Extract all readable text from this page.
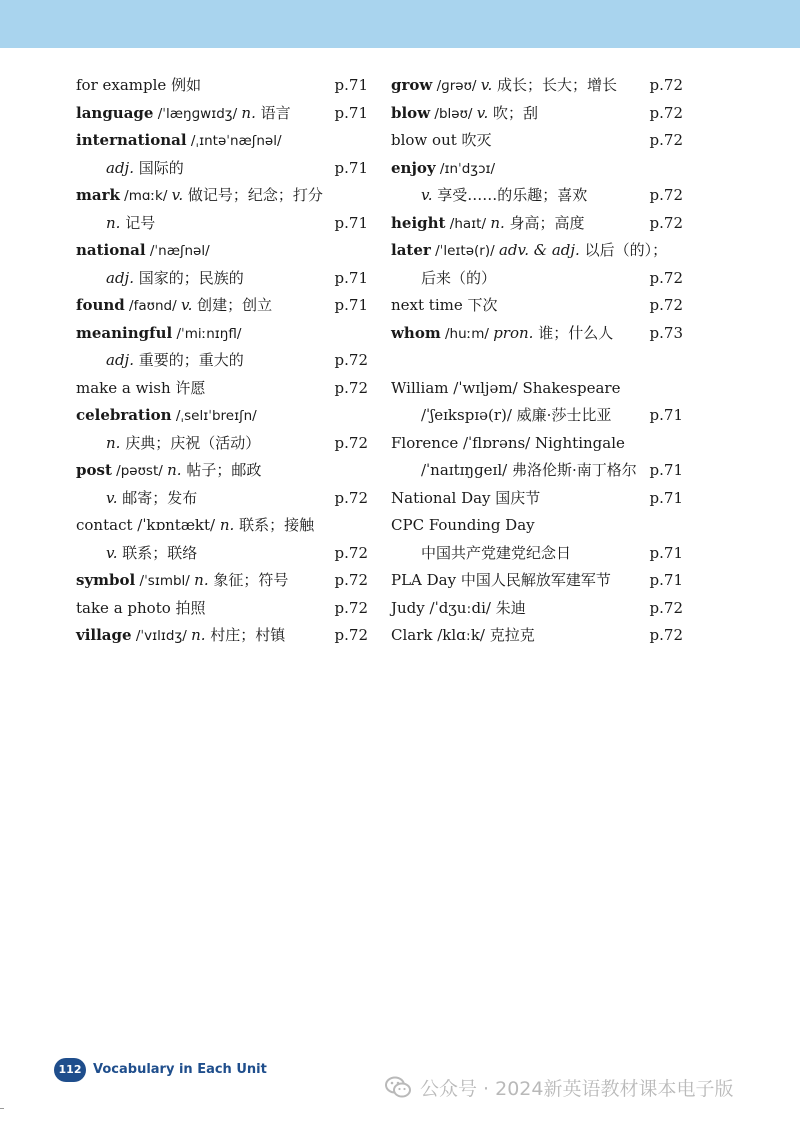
for example 例如	p.71
language /ˈlæŋɡwɪdʒ/ n. 语言	p.71
international /ˌɪntəˈnæʃnəl/
adj. 国际的	p.71
mark /mɑːk/ v. 做记号；纪念；打分
n. 记号	p.71
national /ˈnæʃnəl/
adj. 国家的；民族的	p.71
found /faʊnd/ v. 创建；创立	p.71
meaningful /ˈmiːnɪŋfl/
adj. 重要的；重大的	p.72
make a wish 许愿	p.72
celebration /ˌselɪˈbreɪʃn/
n. 庆典；庆祝（活动）	p.72
post /pəʊst/ n. 帖子；邮政
v. 邮寄；发布	p.72
contact /ˈkɒntækt/ n. 联系；接触
v. 联系；联络	p.72
symbol /ˈsɪmbl/ n. 象征；符号	p.72
take a photo 拍照	p.72
village /ˈvɪlɪdʒ/ n. 村庄；村镇	p.72
grow /ɡrəʊ/ v. 成长；长大；增长 p.72
blow /bləʊ/ v. 吹；刮	p.72
blow out 吹灭	p.72
enjoy /ɪnˈdʒɔɪ/
v. 享受……的乐趣；喜欢	p.72
height /haɪt/ n. 身高；高度	p.72
later /ˈleɪtə(r)/ adv. & adj. 以后（的）；
后来（的）	p.72
next time 下次	p.72
whom /huːm/ pron. 谁；什么人 p.73
William /ˈwɪljəm/ Shakespeare
/ˈʃeɪkspɪə(r)/ 威廉·莎士比亚	p.71
Florence /ˈflɒrəns/ Nightingale
/ˈnaɪtɪŋɡeɪl/ 弗洛伦斯·南丁格尔 p.71
National Day 国庆节	p.71
CPC Founding Day
中国共产党建党纪念日	p.71
PLA Day 中国人民解放军建军节	p.71
Judy /ˈdʒuːdi/ 朱迪	p.72
Clark /klɑːk/ 克拉克	p.72
112 Vocabulary in Each Unit
公众号 · 2024新英语教材课本电子版
